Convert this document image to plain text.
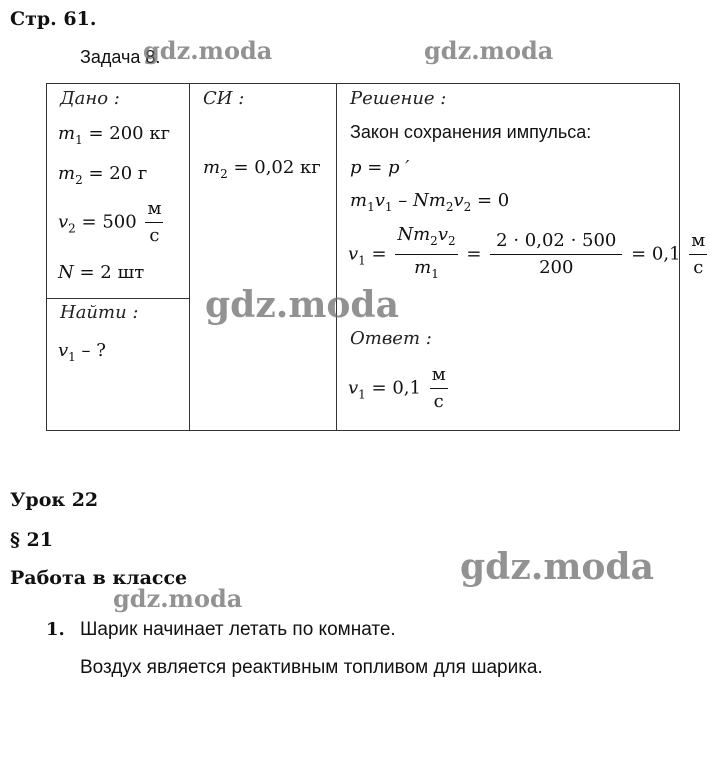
Стр. 61.
Задача 8.
Дано :
$m_1 = 200$ кг
$m_2 = 20$ г
$v_2 = 500 \frac{м}{с}$
N = 2 шт
Найти :
$v_1$ – ?
СИ :
$m_2 = 0,02$ кг
Решение :
Закон сохранения импульса:
p = p ′
$m_1v_1 - Nm_2v_2 = 0$
$v_1 = \frac{Nm_2v_2}{m_1} = \frac{2 \cdot 0,02 \cdot 500}{200} = 0,1 \frac{м}{с}$
Ответ :
$v_1 = 0,1 \frac{м}{с}$
Урок 22
§ 21
Работа в классе
1. Шарик начинает летать по комнате.
Воздух является реактивным топливом для шарика.
gdz.moda	gdz.moda
gdz.moda
gdz.moda
gdz.moda
